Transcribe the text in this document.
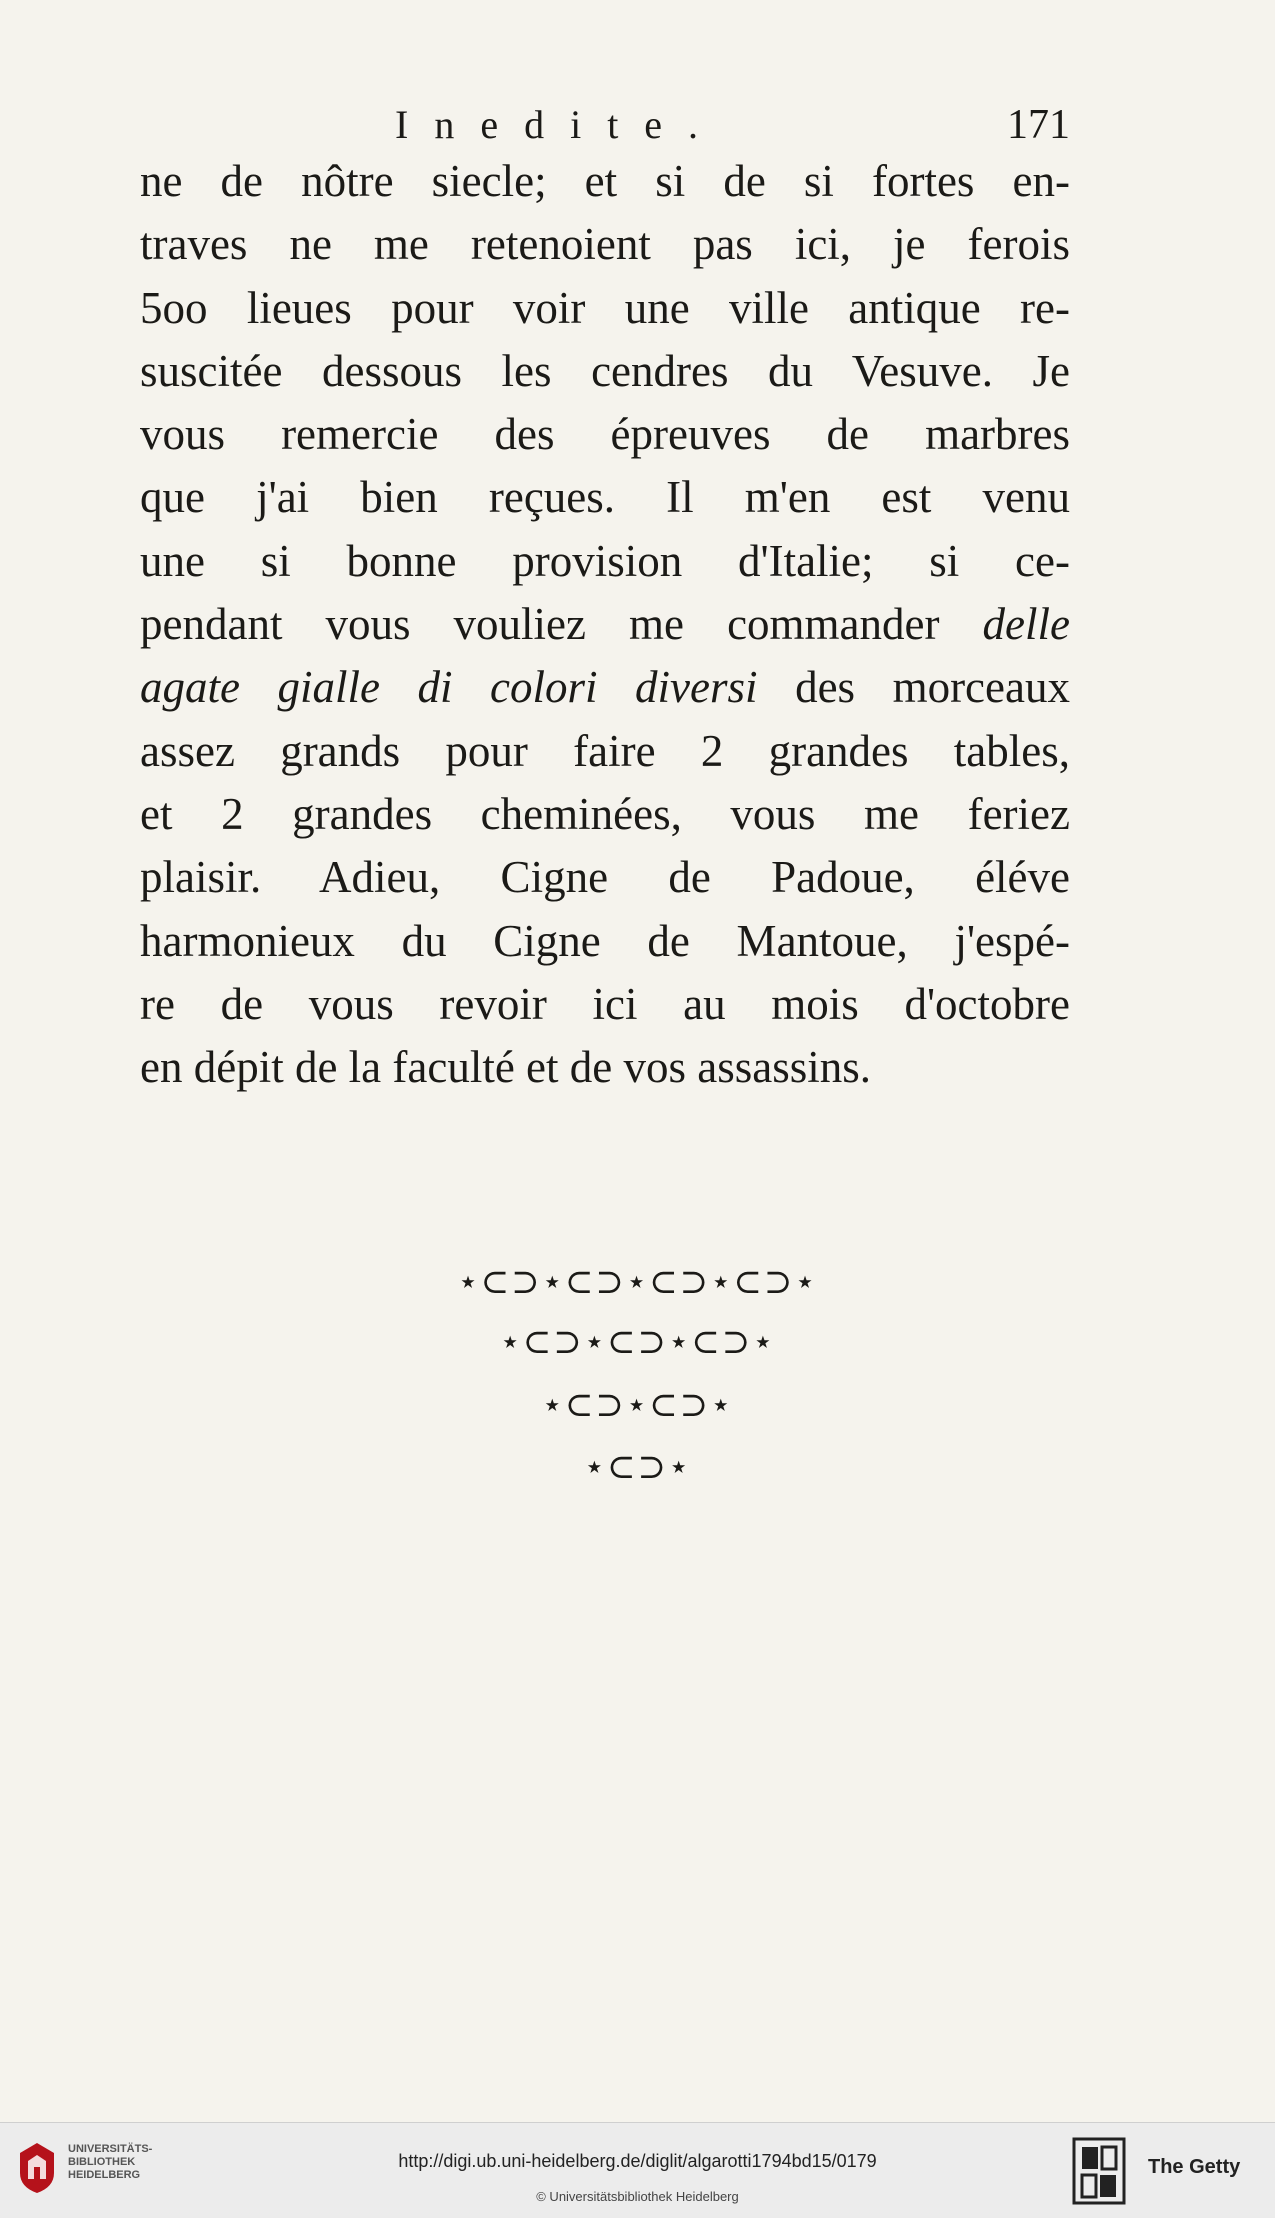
Inedite.	171
ne de nôtre siecle; et si de si fortes en-
traves ne me retenoient pas ici, je ferois
5oo lieues pour voir une ville antique re-
suscitée dessous les cendres du Vesuve. Je
vous remercie des épreuves de marbres
que j'ai bien reçues. Il m'en est venu
une si bonne provision d'Italie; si ce-
pendant vous vouliez me commander delle
agate gialle di colori diversi des morceaux
assez grands pour faire 2 grandes tables,
et 2 grandes cheminées, vous me feriez
plaisir. Adieu, Cigne de Padoue, éléve
harmonieux du Cigne de Mantoue, j'espé-
re de vous revoir ici au mois d'octobre
en dépit de la faculté et de vos assassins.
⋆⊂⊃⋆⊂⊃⋆⊂⊃⋆⊂⊃⋆
⋆⊂⊃⋆⊂⊃⋆⊂⊃⋆
⋆⊂⊃⋆⊂⊃⋆
⋆⊂⊃⋆
UNIVERSITÄTS-
BIBLIOTHEK
HEIDELBERG
http://digi.ub.uni-heidelberg.de/diglit/algarotti1794bd15/0179
© Universitätsbibliothek Heidelberg
The Getty
